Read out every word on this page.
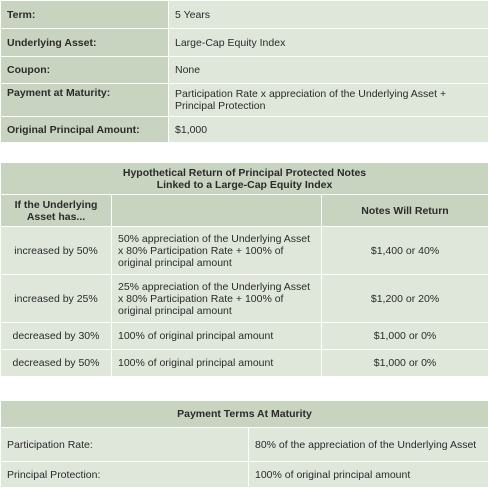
Term:	5 Years
Underlying Asset:	Large-Cap Equity Index
Coupon:	None
Payment at Maturity:	Participation Rate x appreciation of the Underlying Asset + Principal Protection
Original Principal Amount:	$1,000
Hypothetical Return of Principal Protected Notes
Linked to a Large-Cap Equity Index		

If the Underlying Asset has...		Notes Will Return
increased by 50%	50% appreciation of the Underlying Asset x 80% Participation Rate + 100% of original principal amount	$1,400 or 40%
increased by 25%	25% appreciation of the Underlying Asset x 80% Participation Rate + 100% of original principal amount	$1,200 or 20%
decreased by 30%	100% of original principal amount	$1,000 or 0%
decreased by 50%	100% of original principal amount	$1,000 or 0%
Payment Terms At Maturity	
Participation Rate:	80% of the appreciation of the Underlying Asset
Principal Protection:	100% of original principal amount
